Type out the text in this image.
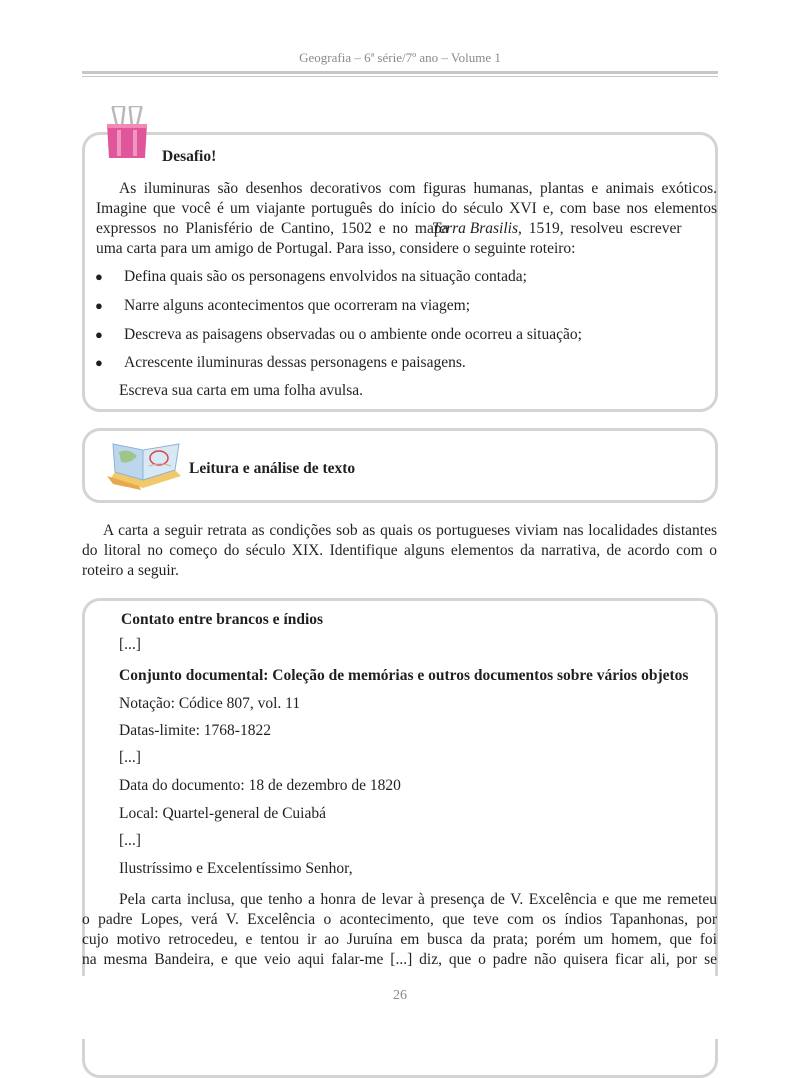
Geografia – 6ª série/7º ano – Volume 1
Desafio!
As iluminuras são desenhos decorativos com figuras humanas, plantas e animais exóticos.
Imagine que você é um viajante português do início do século XVI e, com base nos elementos
expressos no Planisfério de Cantino, 1502 e no mapa
Terra Brasilis, 1519, resolveu escrever
uma carta para um amigo de Portugal. Para isso, considere o seguinte roteiro:
● Defina quais são os personagens envolvidos na situação contada;
● Narre alguns acontecimentos que ocorreram na viagem;
● Descreva as paisagens observadas ou o ambiente onde ocorreu a situação;
● Acrescente iluminuras dessas personagens e paisagens.
Escreva sua carta em uma folha avulsa.
Leitura e análise de texto
A carta a seguir retrata as condições sob as quais os portugueses viviam nas localidades distantes
do litoral no começo do século XIX. Identifique alguns elementos da narrativa, de acordo com o
roteiro a seguir.
Contato entre brancos e índios
[...]
Conjunto documental: Coleção de memórias e outros documentos sobre vários objetos
Notação: Códice 807, vol. 11
Datas-limite: 1768-1822
[...]
Data do documento: 18 de dezembro de 1820
Local: Quartel-general de Cuiabá
[...]
Ilustríssimo e Excelentíssimo Senhor,
Pela carta inclusa, que tenho a honra de levar à presença de V. Excelência e que me remeteu
o padre Lopes, verá V. Excelência o acontecimento, que teve com os índios Tapanhonas, por
cujo motivo retrocedeu, e tentou ir ao Juruína em busca da prata; porém um homem, que foi
na mesma Bandeira, e que veio aqui falar-me [...] diz, que o padre não quisera ficar ali, por se
26
